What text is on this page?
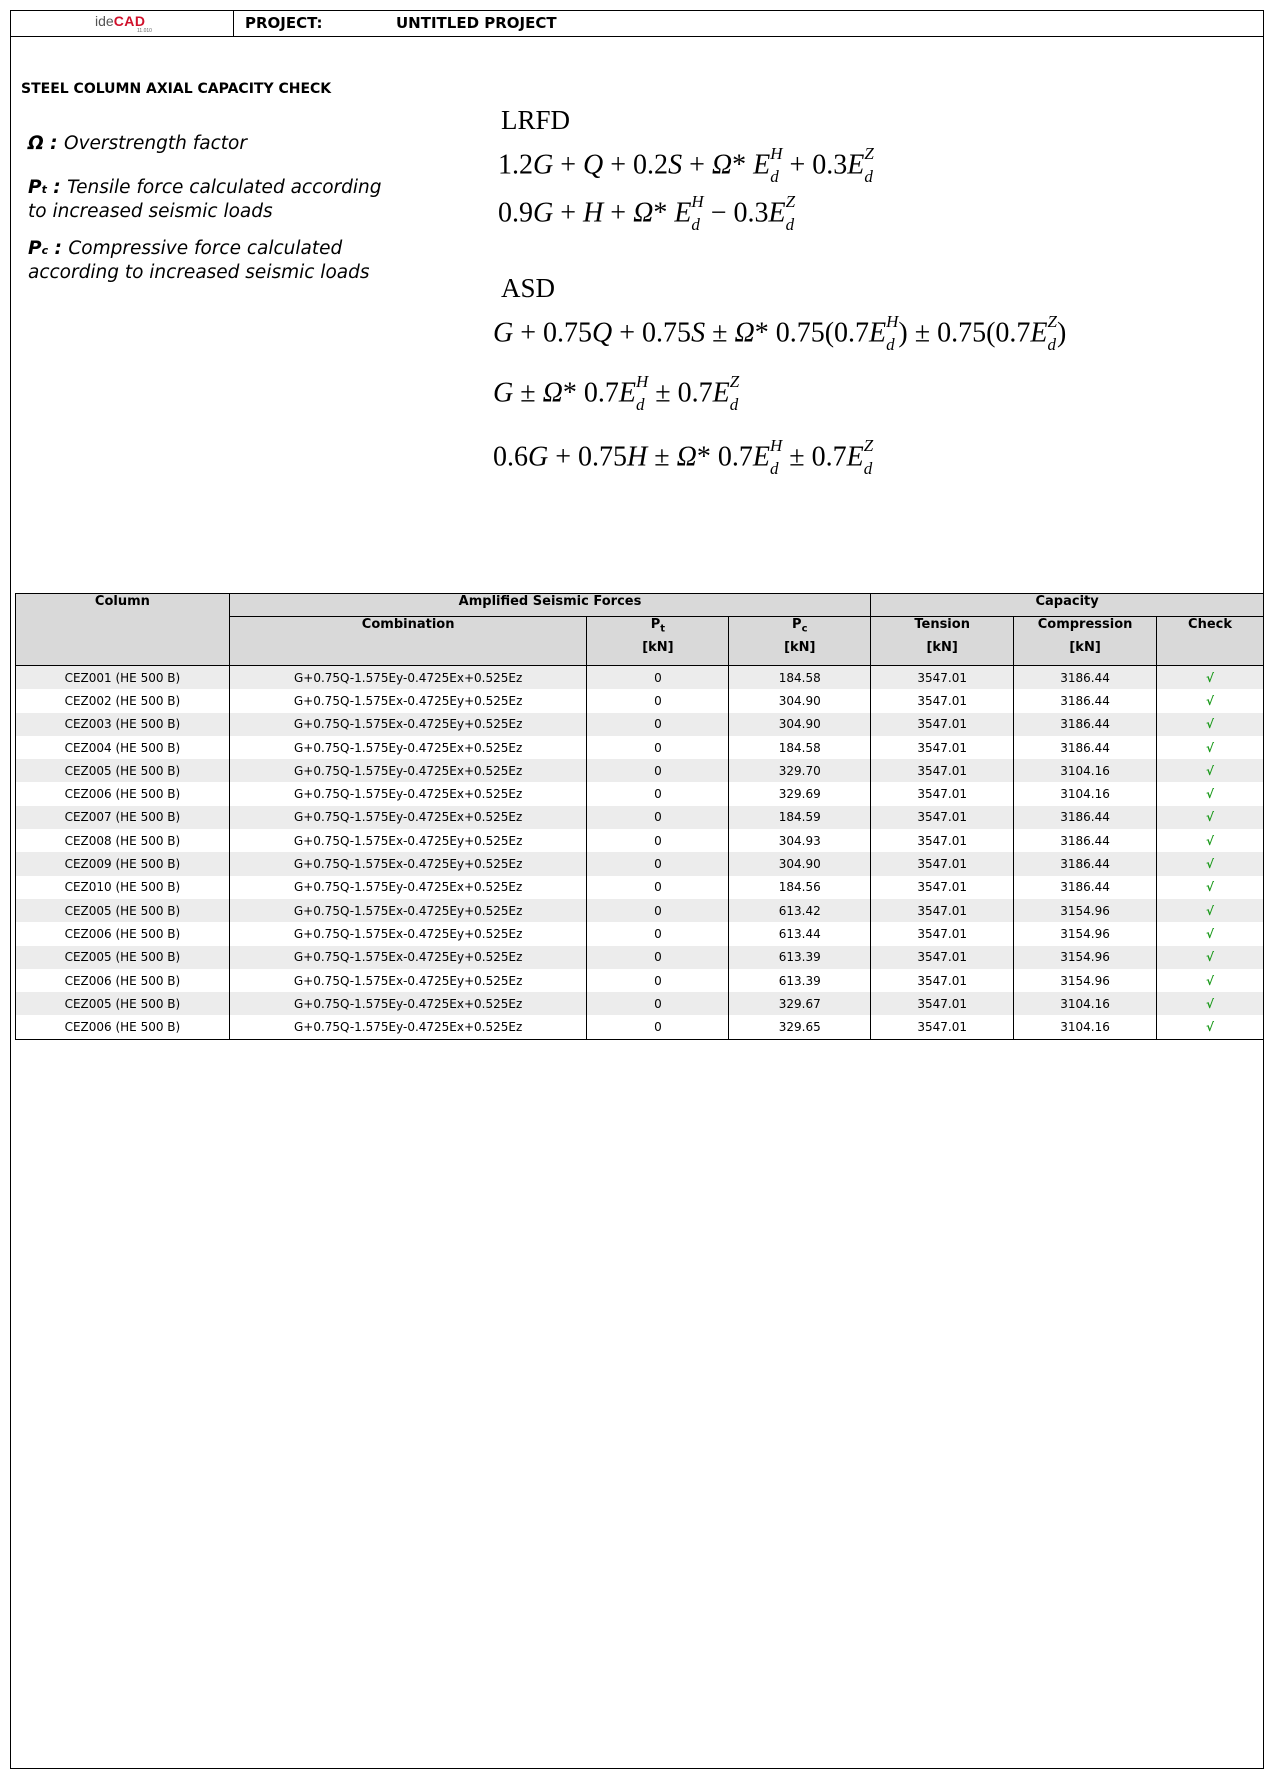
ideCAD
11.010	PROJECT:	UNTITLED PROJECT
STEEL COLUMN AXIAL CAPACITY CHECK
Ω : Overstrength factor
Pt : Tensile force calculated according to increased seismic loads
Pc : Compressive force calculated according to increased seismic loads
LRFD
1.2G + Q + 0.2S + Ω* E H
d + 0.3E Z
d
0.9G + H + Ω* E H
d − 0.3E Z
d
ASD
G + 0.75Q + 0.75S ± Ω* 0.75(0.7E H
d ) ± 0.75(0.7E Z
d )
G ± Ω* 0.7E H
d ± 0.7E Z
d
0.6G + 0.75H ± Ω* 0.7E H
d ± 0.7E Z
d
Column	Amplified Seismic Forces			Capacity		
	Combination	$P_t$	$P_c$	Tension	Compression	Check
		[kN]	[kN]	[kN]	[kN]	
CEZ001 (HE 500 B)	G+0.75Q-1.575Ey-0.4725Ex+0.525Ez	0	184.58	3547.01	3186.44	√
CEZ002 (HE 500 B)	G+0.75Q-1.575Ex-0.4725Ey+0.525Ez	0	304.90	3547.01	3186.44	√
CEZ003 (HE 500 B)	G+0.75Q-1.575Ex-0.4725Ey+0.525Ez	0	304.90	3547.01	3186.44	√
CEZ004 (HE 500 B)	G+0.75Q-1.575Ey-0.4725Ex+0.525Ez	0	184.58	3547.01	3186.44	√
CEZ005 (HE 500 B)	G+0.75Q-1.575Ey-0.4725Ex+0.525Ez	0	329.70	3547.01	3104.16	√
CEZ006 (HE 500 B)	G+0.75Q-1.575Ey-0.4725Ex+0.525Ez	0	329.69	3547.01	3104.16	√
CEZ007 (HE 500 B)	G+0.75Q-1.575Ey-0.4725Ex+0.525Ez	0	184.59	3547.01	3186.44	√
CEZ008 (HE 500 B)	G+0.75Q-1.575Ex-0.4725Ey+0.525Ez	0	304.93	3547.01	3186.44	√
CEZ009 (HE 500 B)	G+0.75Q-1.575Ex-0.4725Ey+0.525Ez	0	304.90	3547.01	3186.44	√
CEZ010 (HE 500 B)	G+0.75Q-1.575Ey-0.4725Ex+0.525Ez	0	184.56	3547.01	3186.44	√
CEZ005 (HE 500 B)	G+0.75Q-1.575Ex-0.4725Ey+0.525Ez	0	613.42	3547.01	3154.96	√
CEZ006 (HE 500 B)	G+0.75Q-1.575Ex-0.4725Ey+0.525Ez	0	613.44	3547.01	3154.96	√
CEZ005 (HE 500 B)	G+0.75Q-1.575Ex-0.4725Ey+0.525Ez	0	613.39	3547.01	3154.96	√
CEZ006 (HE 500 B)	G+0.75Q-1.575Ex-0.4725Ey+0.525Ez	0	613.39	3547.01	3154.96	√
CEZ005 (HE 500 B)	G+0.75Q-1.575Ey-0.4725Ex+0.525Ez	0	329.67	3547.01	3104.16	√
CEZ006 (HE 500 B)	G+0.75Q-1.575Ey-0.4725Ex+0.525Ez	0	329.65	3547.01	3104.16	√
